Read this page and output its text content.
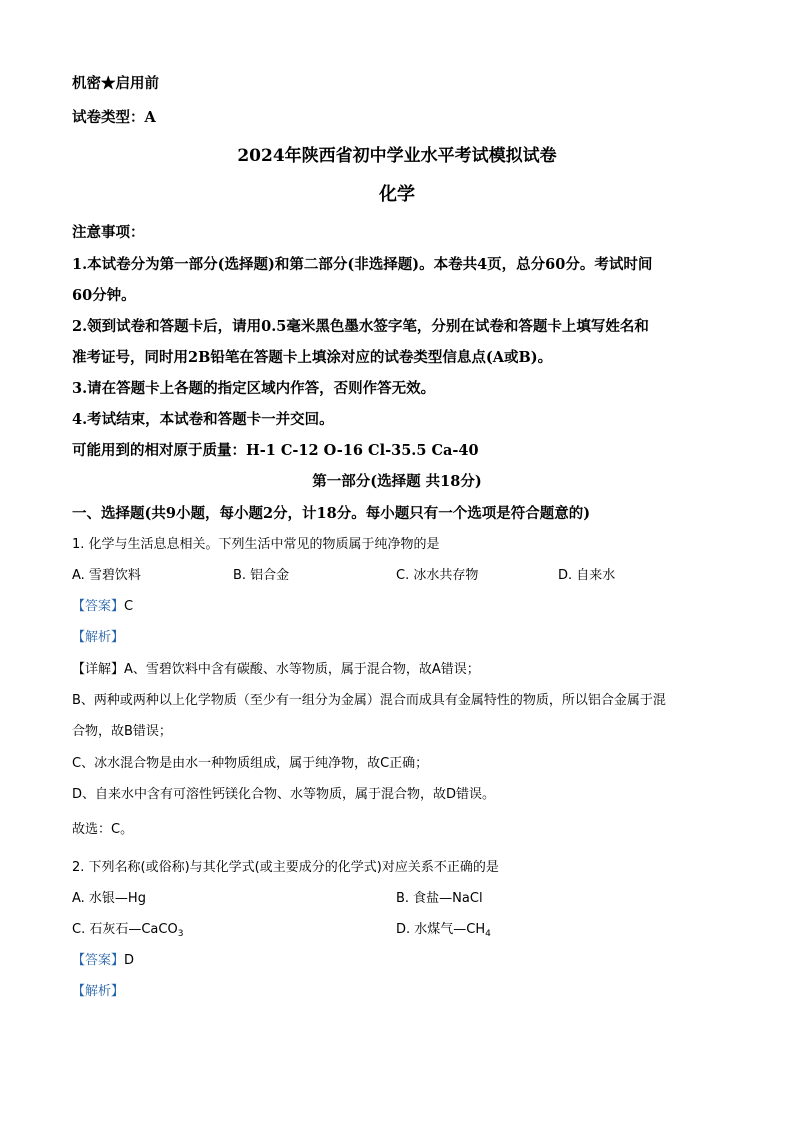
机密★启用前
试卷类型：A
2024年陕西省初中学业水平考试模拟试卷
化学
注意事项：
1.本试卷分为第一部分(选择题)和第二部分(非选择题)。本卷共4页，总分60分。考试时间
60分钟。
2.领到试卷和答题卡后，请用0.5毫米黑色墨水签字笔，分别在试卷和答题卡上填写姓名和
准考证号，同时用2B铅笔在答题卡上填涂对应的试卷类型信息点(A或B)。
3.请在答题卡上各题的指定区域内作答，否则作答无效。
4.考试结束，本试卷和答题卡一并交回。
可能用到的相对原于质量：H-1 C-12 O-16 Cl-35.5 Ca-40
第一部分(选择题 共18分)
一、选择题(共9小题，每小题2分，计18分。每小题只有一个选项是符合题意的)
1. 化学与生活息息相关。下列生活中常见的物质属于纯净物的是
A. 雪碧饮料	B. 铝合金	C. 冰水共存物	D. 自来水
【答案】C
【解析】
【详解】A、雪碧饮料中含有碳酸、水等物质，属于混合物，故A错误；
B、两种或两种以上化学物质（至少有一组分为金属）混合而成具有金属特性的物质，所以铝合金属于混
合物，故B错误；
C、冰水混合物是由水一种物质组成，属于纯净物，故C正确；
D、自来水中含有可溶性钙镁化合物、水等物质，属于混合物，故D错误。
故选：C。
2. 下列名称(或俗称)与其化学式(或主要成分的化学式)对应关系不正确的是
A. 水银—Hg	B. 食盐—NaCl
C. 石灰石—CaCO$_3$	D. 水煤气$—CH_4$
【答案】D
【解析】
